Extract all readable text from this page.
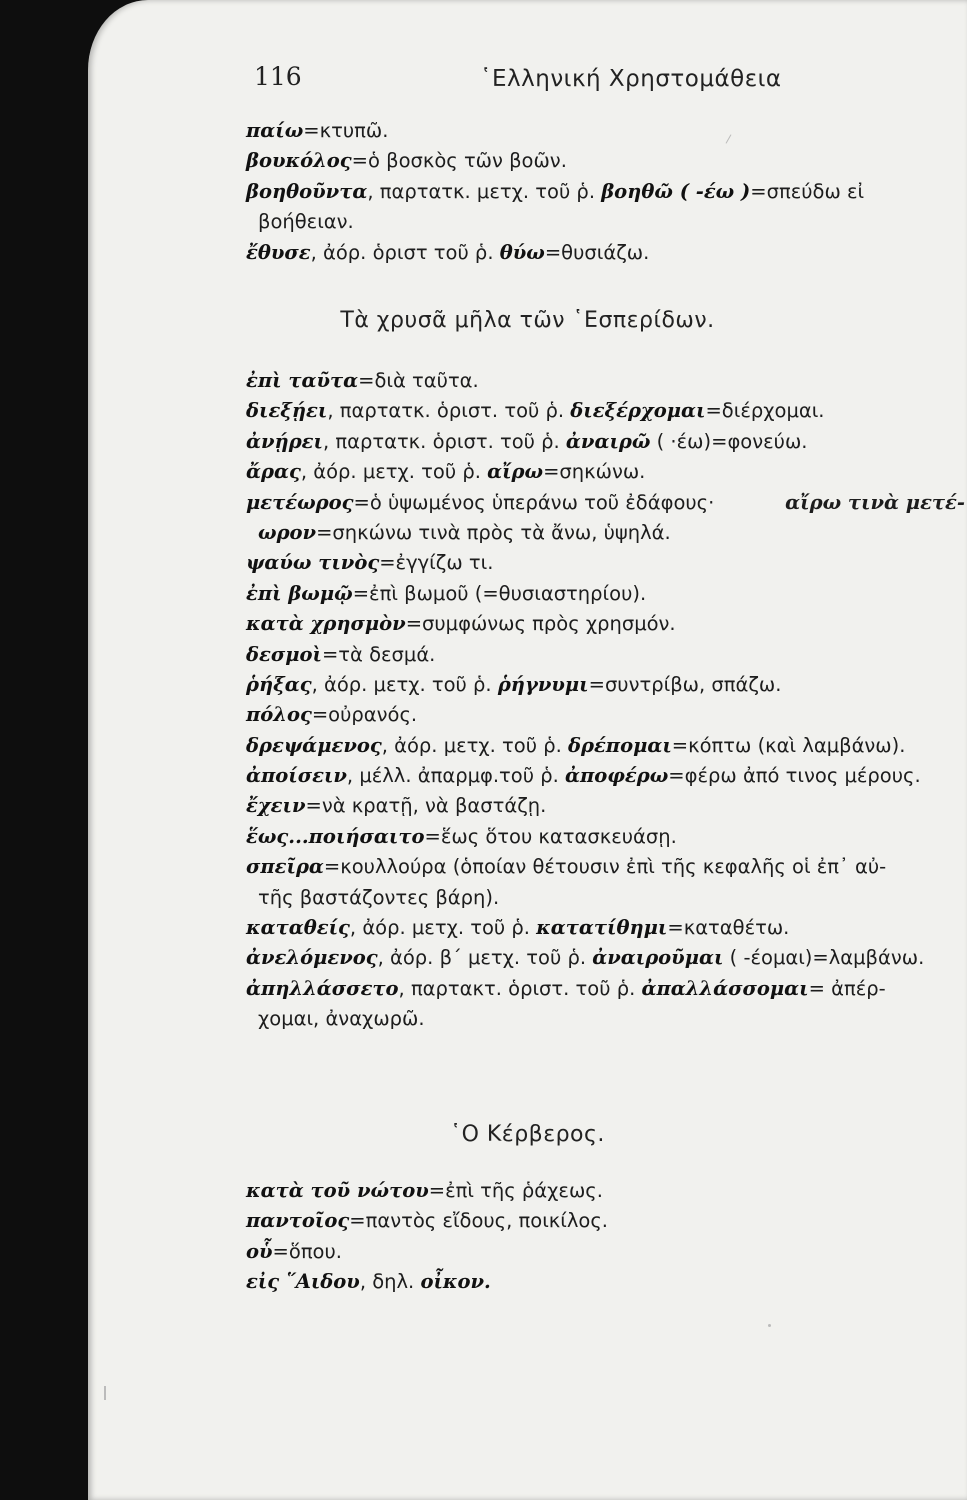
116	῾Ελληνική Χρηστομάθεια
παίω=κτυπῶ.
βουκόλος=ὁ βοσκὸς τῶν βοῶν.
βοηθοῦντα, παρτατκ. μετχ. τοῦ ῥ. βοηθῶ ( -έω )=σπεύδω εἰ
βοήθειαν.
ἔθυσε, ἀόρ. ὁριστ τοῦ ῥ. θύω=θυσιάζω.
Τὰ χρυσᾶ μῆλα τῶν ῾Εσπερίδων.
ἐπὶ ταῦτα=διὰ ταῦτα.
διεξῄει, παρτατκ. ὁριστ. τοῦ ῥ. διεξέρχομαι=διέρχομαι.
ἀνῄρει, παρτατκ. ὁριστ. τοῦ ῥ. ἀναιρῶ ( ·έω)=φονεύω.
ἄρας, ἀόρ. μετχ. τοῦ ῥ. αἴρω=σηκώνω.
μετέωρος=ὁ ὑψωμένος ὑπεράνω τοῦ ἐδάφους·	αἴρω τινὰ μετέ-
ωρον=σηκώνω τινὰ πρὸς τὰ ἄνω, ὑψηλά.
ψαύω τινὸς=ἐγγίζω τι.
ἐπὶ βωμῷ=ἐπὶ βωμοῦ (=θυσιαστηρίου).
κατὰ χρησμὸν=συμφώνως πρὸς χρησμόν.
δεσμοὶ=τὰ δεσμά.
ῥήξας, ἀόρ. μετχ. τοῦ ῥ. ῥήγνυμι=συντρίβω, σπάζω.
πόλος=οὐρανός.
δρεψάμενος, ἀόρ. μετχ. τοῦ ῥ. δρέπομαι=κόπτω (καὶ λαμβάνω).
ἀποίσειν, μέλλ. ἀπαρμφ.τοῦ ῥ. ἀποφέρω=φέρω ἀπό τινος μέρους.
ἔχειν=νὰ κρατῇ, νὰ βαστάζῃ.
ἕως...ποιήσαιτο=ἕως ὅτου κατασκευάσῃ.
σπεῖρα=κουλλούρα (ὁποίαν θέτουσιν ἐπὶ τῆς κεφαλῆς οἱ ἐπ᾿ αὐ-
τῆς βαστάζοντες βάρη).
καταθείς, ἀόρ. μετχ. τοῦ ῥ. κατατίθημι=καταθέτω.
ἀνελόμενος, ἀόρ. β΄ μετχ. τοῦ ῥ. ἀναιροῦμαι ( -έομαι)=λαμβάνω.
ἀπηλλάσσετο, παρτακτ. ὁριστ. τοῦ ῥ. ἀπαλλάσσομαι= ἀπέρ-
χομαι, ἀναχωρῶ.
῾Ο Κέρβερος.
κατὰ τοῦ νώτου=ἐπὶ τῆς ῥάχεως.
παντοῖος=παντὸς εἴδους, ποικίλος.
οὗ=ὅπου.
εἰς ῞Αιδου, δηλ. οἶκον.
